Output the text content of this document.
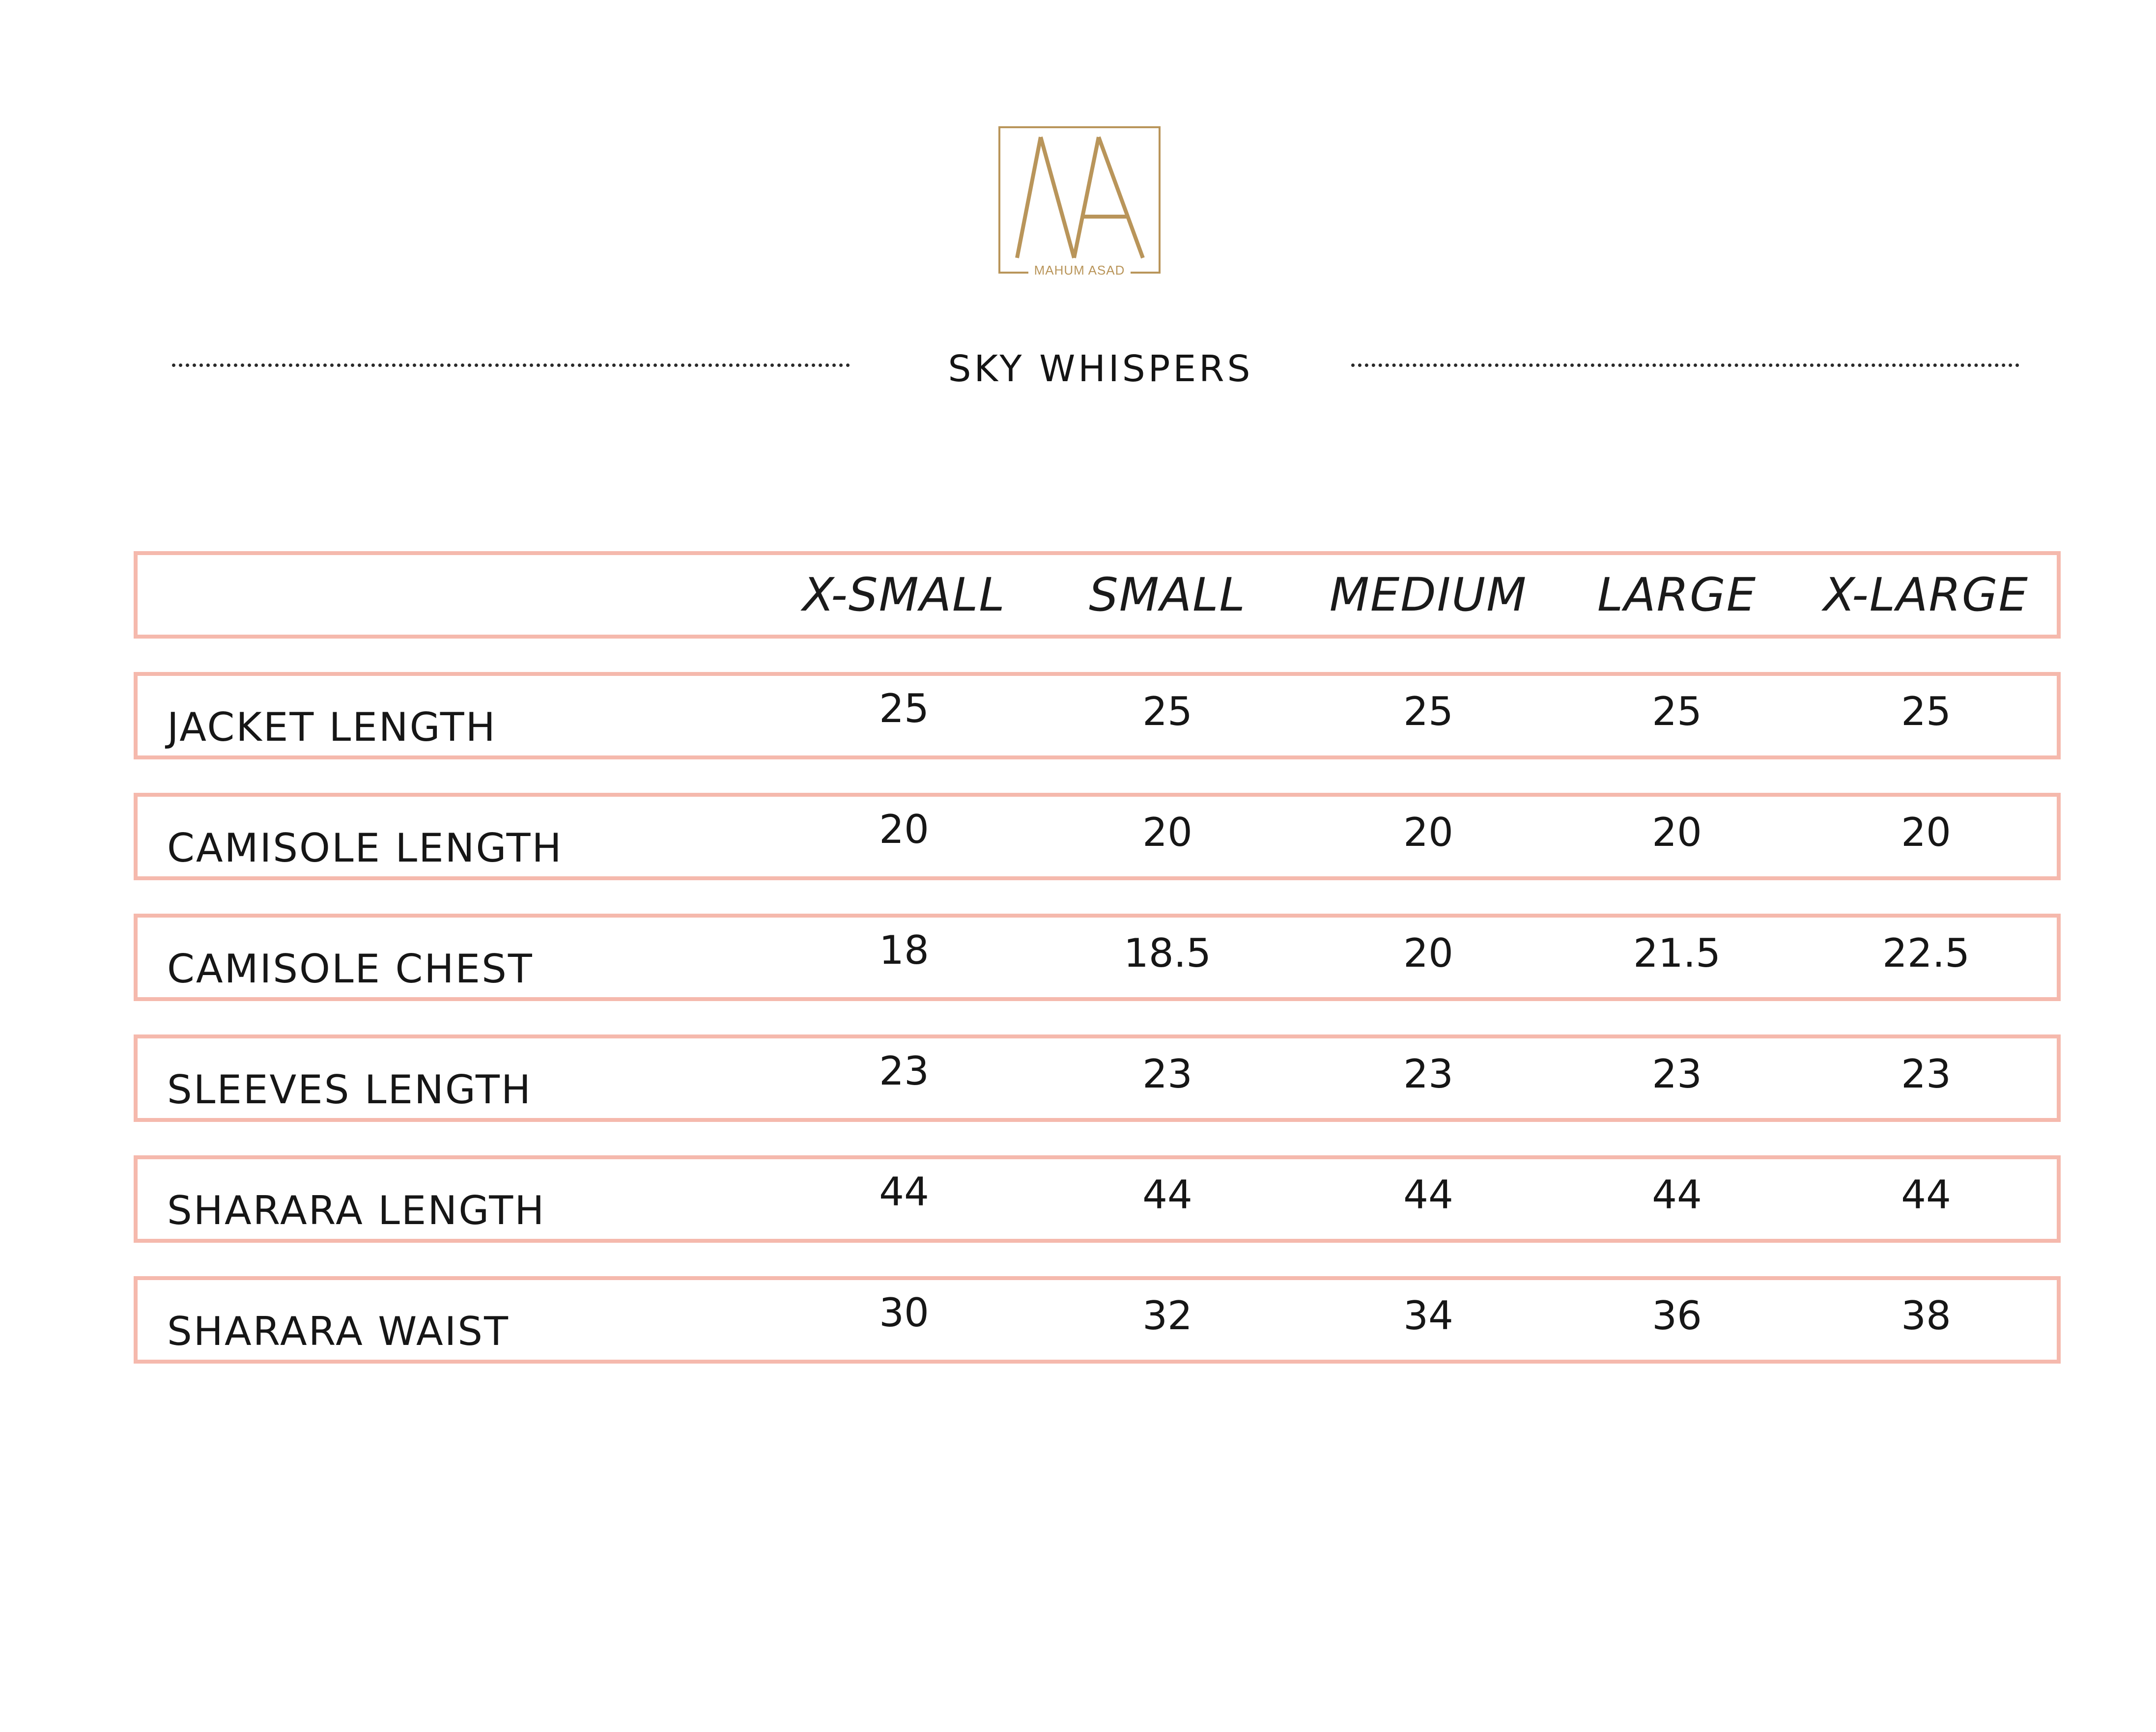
MAHUM ASAD
SKY WHISPERS
X-SMALL	SMALL	MEDIUM	LARGE	X-LARGE
JACKET LENGTH	25	25	25	25	25
CAMISOLE LENGTH	20	20	20	20	20
CAMISOLE CHEST	18	18.5	20	21.5	22.5
SLEEVES LENGTH	23	23	23	23	23
SHARARA LENGTH	44	44	44	44	44
SHARARA WAIST	30	32	34	36	38
